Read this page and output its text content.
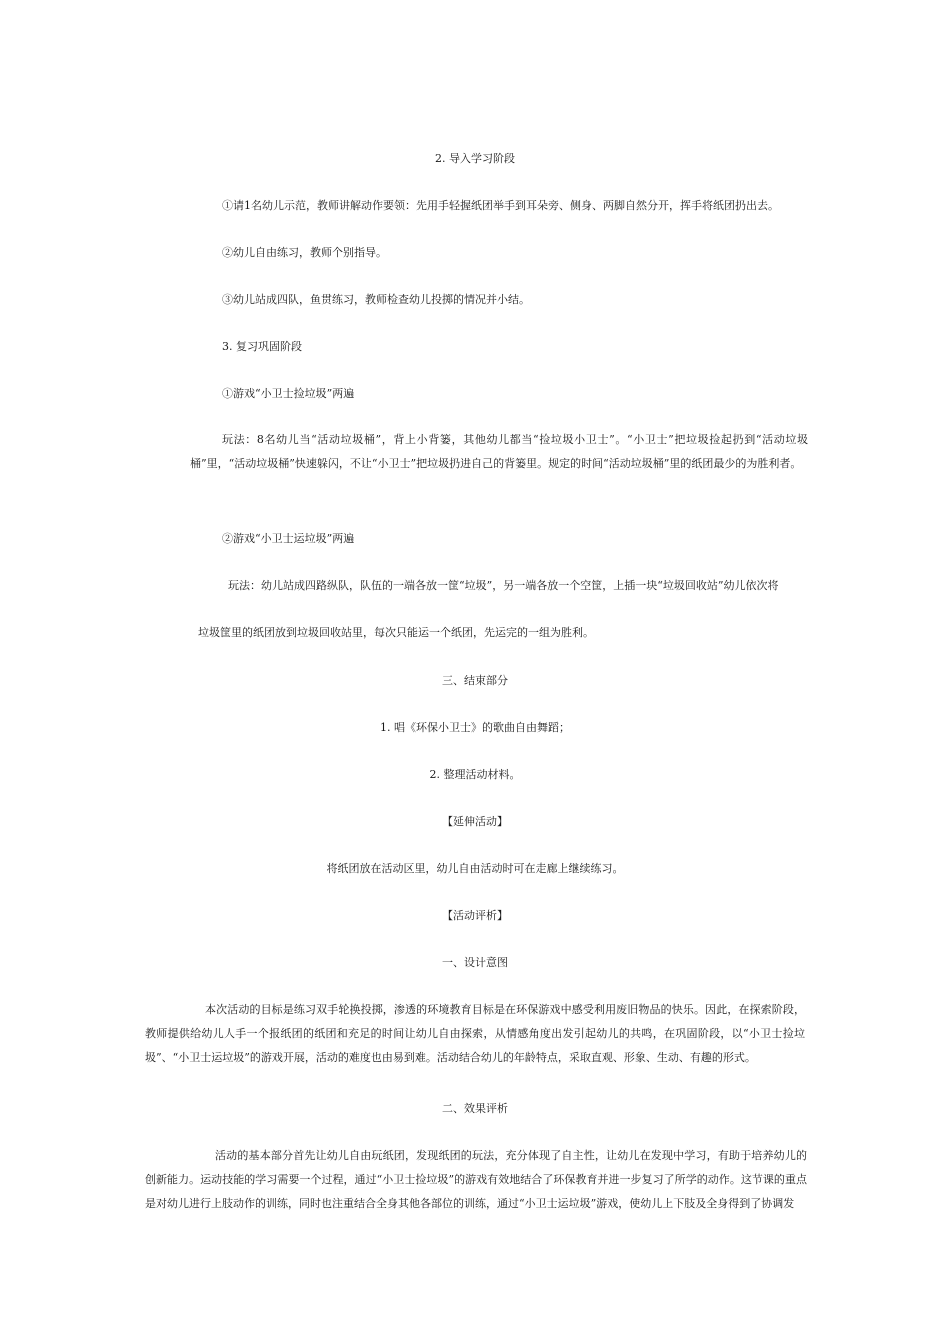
2. 导入学习阶段

①请1名幼儿示范，教师讲解动作要领：先用手轻握纸团举手到耳朵旁、侧身、两脚自然分开，挥手将纸团扔出去。

②幼儿自由练习，教师个别指导。

③幼儿站成四队，鱼贯练习，教师检查幼儿投掷的情况并小结。

3. 复习巩固阶段

①游戏“小卫士捡垃圾”两遍

玩法：8名幼儿当“活动垃圾桶”，背上小背篓，其他幼儿都当“捡垃圾小卫士”。“小卫士”把垃圾捡起扔到“活动垃圾桶”里，“活动垃圾桶”快速躲闪，不让“小卫士”把垃圾扔进自己的背篓里。规定的时间“活动垃圾桶”里的纸团最少的为胜利者。

②游戏“小卫士运垃圾”两遍

玩法：幼儿站成四路纵队，队伍的一端各放一筐“垃圾”，另一端各放一个空筐，上插一块“垃圾回收站”幼儿依次将

垃圾筐里的纸团放到垃圾回收站里，每次只能运一个纸团，先运完的一组为胜利。

三、结束部分

1. 唱《环保小卫士》的歌曲自由舞蹈；

2. 整理活动材料。

【延伸活动】

将纸团放在活动区里，幼儿自由活动时可在走廊上继续练习。

【活动评析】

一、设计意图

本次活动的目标是练习双手轮换投掷，渗透的环境教育目标是在环保游戏中感受利用废旧物品的快乐。因此，在探索阶段，教师提供给幼儿人手一个报纸团的纸团和充足的时间让幼儿自由探索，从情感角度出发引起幼儿的共鸣，在巩固阶段，以“小卫士捡垃圾”、“小卫士运垃圾”的游戏开展，活动的难度也由易到难。活动结合幼儿的年龄特点，采取直观、形象、生动、有趣的形式。

二、效果评析

活动的基本部分首先让幼儿自由玩纸团，发现纸团的玩法，充分体现了自主性，让幼儿在发现中学习，有助于培养幼儿的创新能力。运动技能的学习需要一个过程，通过“小卫士捡垃圾”的游戏有效地结合了环保教育并进一步复习了所学的动作。这节课的重点是对幼儿进行上肢动作的训练，同时也注重结合全身其他各部位的训练，通过“小卫士运垃圾”游戏，使幼儿上下肢及全身得到了协调发
